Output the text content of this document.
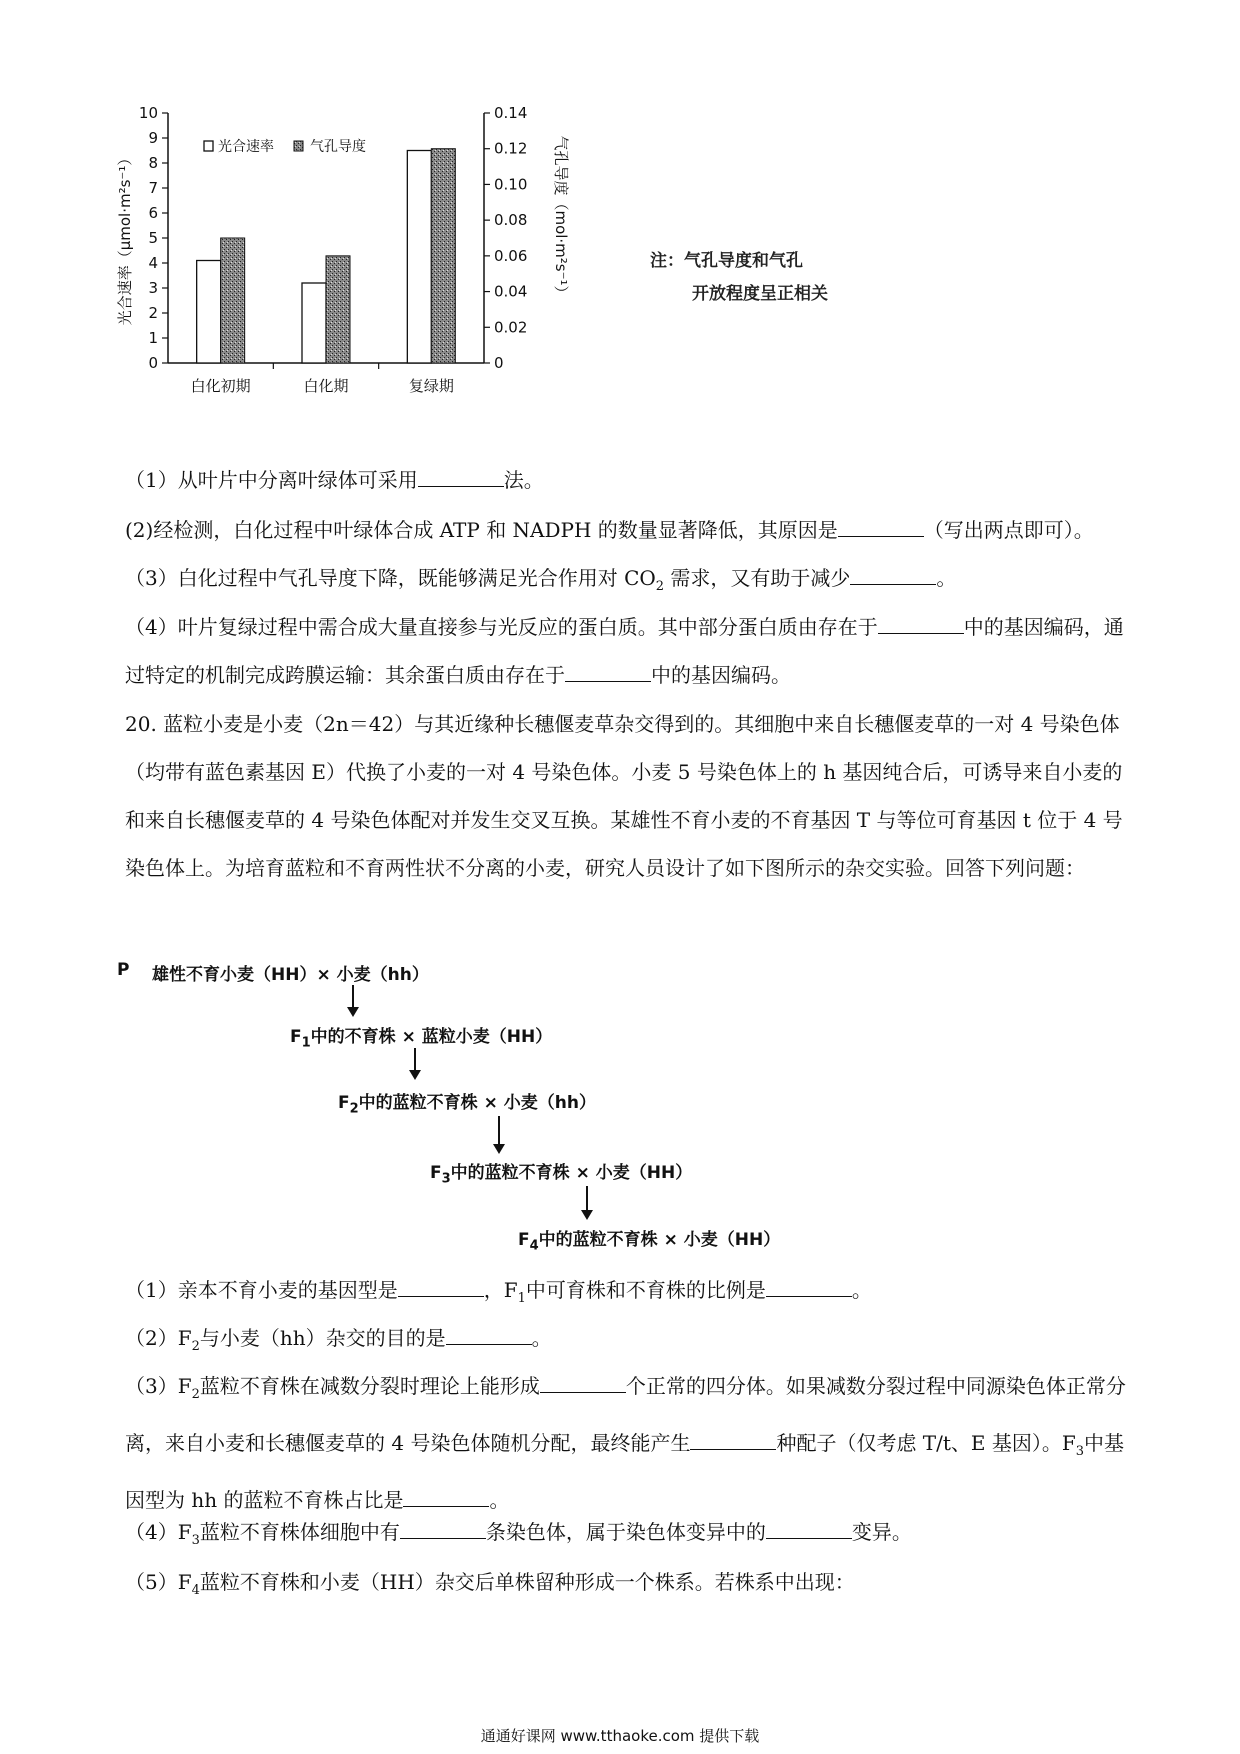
0
1
2
3
4
5
6
7
8
9
10
0
0.02
0.04
0.06
0.08
0.10
0.12
0.14
白化初期	白化期	复绿期
光合速率	气孔导度
光合速率（μmol·m²s⁻¹）	气孔导度（mol·m²s⁻¹）	注：气孔导度和气孔
开放程度呈正相关
（1）从叶片中分离叶绿体可采用	法。
(2)经检测，白化过程中叶绿体合成 ATP 和 NADPH 的数量显著降低，其原因是	（写出两点即可）。
（3）白化过程中气孔导度下降，既能够满足光合作用对 $CO_2$ 需求，又有助于减少	。
（4）叶片复绿过程中需合成大量直接参与光反应的蛋白质。其中部分蛋白质由存在于	中的基因编码，通过特定的机制完成跨膜运输：其余蛋白质由存在于	中的基因编码。
20. 蓝粒小麦是小麦（2n＝42）与其近缘种长穗偃麦草杂交得到的。其细胞中来自长穗偃麦草的一对 4 号染色体（均带有蓝色素基因 E）代换了小麦的一对 4 号染色体。小麦 5 号染色体上的 h 基因纯合后，可诱导来自小麦的和来自长穗偃麦草的 4 号染色体配对并发生交叉互换。某雄性不育小麦的不育基因 T 与等位可育基因 t 位于 4 号染色体上。为培育蓝粒和不育两性状不分离的小麦，研究人员设计了如下图所示的杂交实验。回答下列问题：
P 雄性不育小麦（HH）× 小麦（hh）
$F_1$中的不育株 × 蓝粒小麦（HH）
$F_2$中的蓝粒不育株 × 小麦（hh）
$F_3$中的蓝粒不育株 × 小麦（HH）
$F_4$中的蓝粒不育株 × 小麦（HH）
（1）亲本不育小麦的基因型是	，$F_1$中可育株和不育株的比例是	。
$(2)F_2$与小麦（hh）杂交的目的是	。
$(3)F_2$蓝粒不育株在减数分裂时理论上能形成	个正常的四分体。如果减数分裂过程中同源染色体正常分离，来自小麦和长穗偃麦草的 4 号染色体随机分配，最终能产生	种配子（仅考虑 T/t、E 基因）。$F_3$中基因型为 hh 的蓝粒不育株占比是	。
$(4)F_3$蓝粒不育株体细胞中有	条染色体，属于染色体变异中的	变异。
$(5)F_4$蓝粒不育株和小麦（HH）杂交后单株留种形成一个株系。若株系中出现：
通通好课网 www.tthaoke.com 提供下载
